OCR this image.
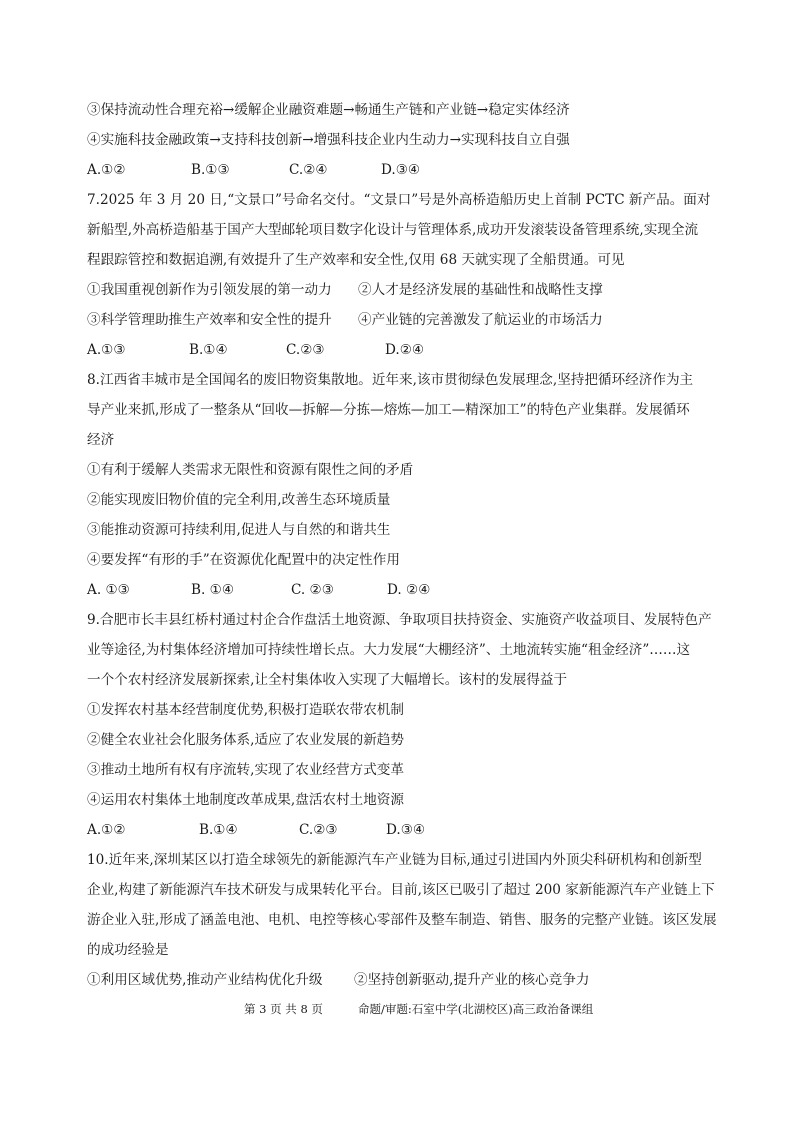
③保持流动性合理充裕→缓解企业融资难题→畅通生产链和产业链→稳定实体经济
④实施科技金融政策→支持科技创新→增强科技企业内生动力→实现科技自立自强
A.①②	B.①③	C.②④	D.③④
7.2025 年 3 月 20 日,“文景口”号命名交付。“文景口”号是外高桥造船历史上首制 PCTC 新产品。面对
新船型,外高桥造船基于国产大型邮轮项目数字化设计与管理体系,成功开发滚装设备管理系统,实现全流
程跟踪管控和数据追溯,有效提升了生产效率和安全性,仅用 68 天就实现了全船贯通。可见
①我国重视创新作为引领发展的第一动力 ②人才是经济发展的基础性和战略性支撑
③科学管理助推生产效率和安全性的提升 ④产业链的完善激发了航运业的市场活力
A.①③	B.①④	C.②③	D.②④
8.江西省丰城市是全国闻名的废旧物资集散地。近年来,该市贯彻绿色发展理念,坚持把循环经济作为主
导产业来抓,形成了一整条从“回收—拆解—分拣—熔炼—加工—精深加工”的特色产业集群。发展循环
经济
①有利于缓解人类需求无限性和资源有限性之间的矛盾
②能实现废旧物价值的完全利用,改善生态环境质量
③能推动资源可持续利用,促进人与自然的和谐共生
④要发挥“有形的手”在资源优化配置中的决定性作用
A. ①③	B. ①④	C. ②③	D. ②④
9.合肥市长丰县红桥村通过村企合作盘活土地资源、争取项目扶持资金、实施资产收益项目、发展特色产
业等途径,为村集体经济增加可持续性增长点。大力发展“大棚经济”、土地流转实施“租金经济”……这
一个个农村经济发展新探索,让全村集体收入实现了大幅增长。该村的发展得益于
①发挥农村基本经营制度优势,积极打造联农带农机制
②健全农业社会化服务体系,适应了农业发展的新趋势
③推动土地所有权有序流转,实现了农业经营方式变革
④运用农村集体土地制度改革成果,盘活农村土地资源
A.①②	B.①④	C.②③	D.③④
10.近年来,深圳某区以打造全球领先的新能源汽车产业链为目标,通过引进国内外顶尖科研机构和创新型
企业,构建了新能源汽车技术研发与成果转化平台。目前,该区已吸引了超过 200 家新能源汽车产业链上下
游企业入驻,形成了涵盖电池、电机、电控等核心零部件及整车制造、销售、服务的完整产业链。该区发展
的成功经验是
①利用区域优势,推动产业结构优化升级 ②坚持创新驱动,提升产业的核心竞争力
第 3 页 共 8 页	命题/审题:石室中学(北湖校区)高三政治备课组
